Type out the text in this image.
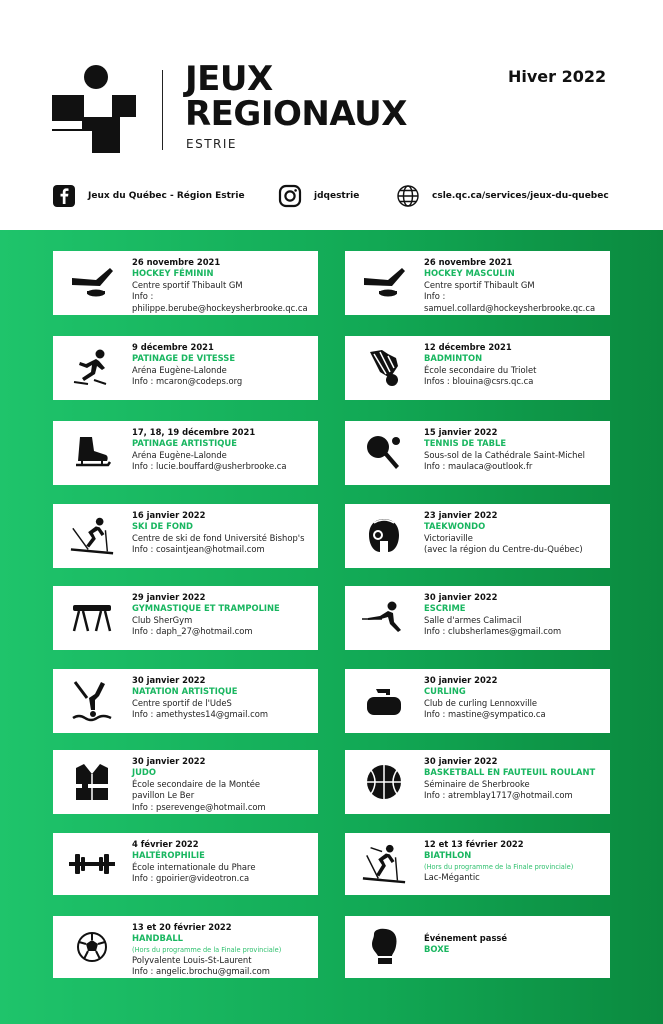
JEUX
REGIONAUX
ESTRIE
Hiver 2022
Jeux du Québec - Région Estrie	jdqestrie	csle.qc.ca/services/jeux-du-quebec
26 novembre 2021
HOCKEY FÉMININ
Centre sportif Thibault GM
Info :
philippe.berube@hockeysherbrooke.qc.ca
26 novembre 2021
HOCKEY MASCULIN
Centre sportif Thibault GM
Info :
samuel.collard@hockeysherbrooke.qc.ca
9 décembre 2021
PATINAGE DE VITESSE
Aréna Eugène-Lalonde
Info : mcaron@codeps.org
12 décembre 2021
BADMINTON
École secondaire du Triolet
Infos : blouina@csrs.qc.ca
17, 18, 19 décembre 2021
PATINAGE ARTISTIQUE
Aréna Eugène-Lalonde
Info : lucie.bouffard@usherbrooke.ca
15 janvier 2022
TENNIS DE TABLE
Sous-sol de la Cathédrale Saint-Michel
Info : maulaca@outlook.fr
16 janvier 2022
SKI DE FOND
Centre de ski de fond Université Bishop's
Info : cosaintjean@hotmail.com
23 janvier 2022
TAEKWONDO
Victoriaville
(avec la région du Centre-du-Québec)
29 janvier 2022
GYMNASTIQUE ET TRAMPOLINE
Club SherGym
Info : daph_27@hotmail.com
30 janvier 2022
ESCRIME
Salle d'armes Calimacil
Info : clubsherlames@gmail.com
30 janvier 2022
NATATION ARTISTIQUE
Centre sportif de l'UdeS
Info : amethystes14@gmail.com
30 janvier 2022
CURLING
Club de curling Lennoxville
Info : mastine@sympatico.ca
30 janvier 2022
JUDO
École secondaire de la Montée
pavillon Le Ber
Info : pserevenge@hotmail.com
30 janvier 2022
BASKETBALL EN FAUTEUIL ROULANT
Séminaire de Sherbrooke
Info : atremblay1717@hotmail.com
4 février 2022
HALTÉROPHILIE
École internationale du Phare
Info : gpoirier@videotron.ca
12 et 13 février 2022
BIATHLON
(Hors du programme de la Finale provinciale)
Lac-Mégantic
13 et 20 février 2022
HANDBALL
(Hors du programme de la Finale provinciale)
Polyvalente Louis-St-Laurent
Info : angelic.brochu@gmail.com
Événement passé
BOXE
